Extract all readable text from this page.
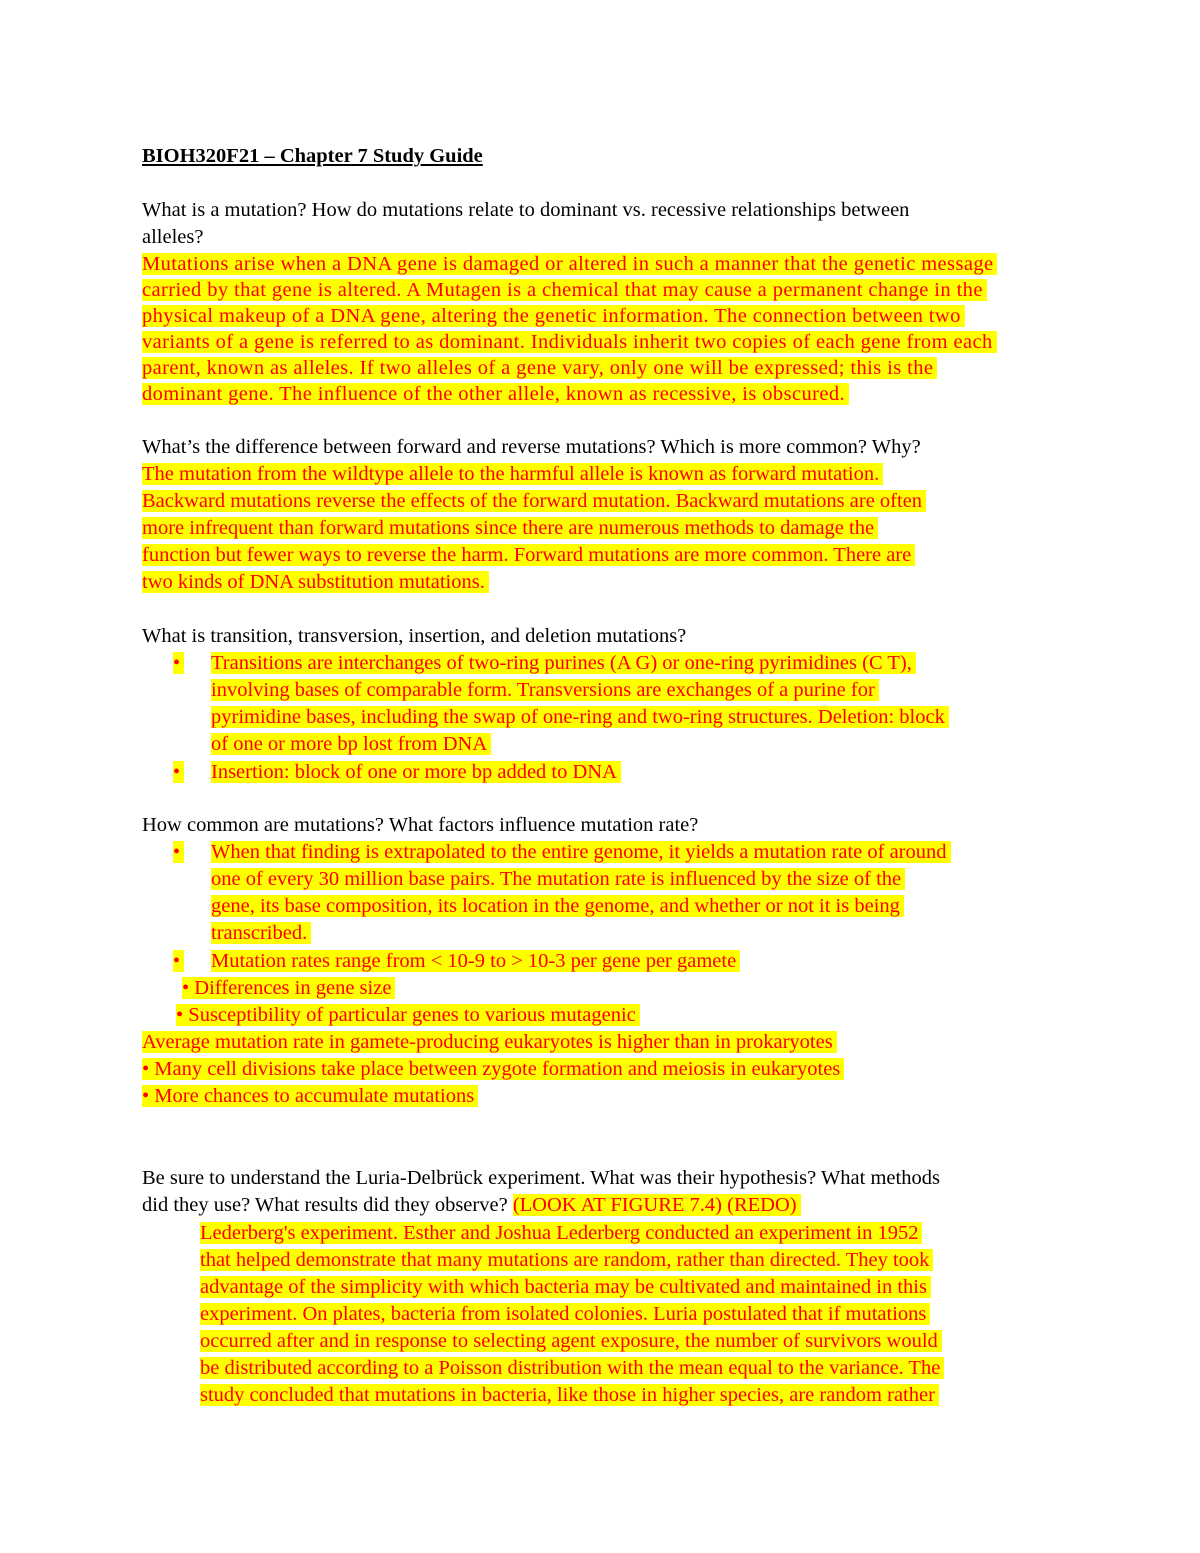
BIOH320F21 – Chapter 7 Study Guide
What is a mutation? How do mutations relate to dominant vs. recessive relationships between
alleles?
Mutations arise when a DNA gene is damaged or altered in such a manner that the genetic message
carried by that gene is altered. A Mutagen is a chemical that may cause a permanent change in the
physical makeup of a DNA gene, altering the genetic information. The connection between two
variants of a gene is referred to as dominant. Individuals inherit two copies of each gene from each
parent, known as alleles. If two alleles of a gene vary, only one will be expressed; this is the
dominant gene. The influence of the other allele, known as recessive, is obscured.
What’s the difference between forward and reverse mutations? Which is more common? Why?
The mutation from the wildtype allele to the harmful allele is known as forward mutation.
Backward mutations reverse the effects of the forward mutation. Backward mutations are often
more infrequent than forward mutations since there are numerous methods to damage the
function but fewer ways to reverse the harm. Forward mutations are more common. There are
two kinds of DNA substitution mutations.
What is transition, transversion, insertion, and deletion mutations?
• Transitions are interchanges of two-ring purines (A G) or one-ring pyrimidines (C T),
involving bases of comparable form. Transversions are exchanges of a purine for
pyrimidine bases, including the swap of one-ring and two-ring structures. Deletion: block
of one or more bp lost from DNA
• Insertion: block of one or more bp added to DNA
How common are mutations? What factors influence mutation rate?
• When that finding is extrapolated to the entire genome, it yields a mutation rate of around
one of every 30 million base pairs. The mutation rate is influenced by the size of the
gene, its base composition, its location in the genome, and whether or not it is being
transcribed.
• Mutation rates range from < 10-9 to > 10-3 per gene per gamete
• Differences in gene size
• Susceptibility of particular genes to various mutagenic
Average mutation rate in gamete-producing eukaryotes is higher than in prokaryotes
• Many cell divisions take place between zygote formation and meiosis in eukaryotes
• More chances to accumulate mutations
Be sure to understand the Luria-Delbrück experiment. What was their hypothesis? What methods
did they use? What results did they observe? (LOOK AT FIGURE 7.4) (REDO)
Lederberg's experiment. Esther and Joshua Lederberg conducted an experiment in 1952
that helped demonstrate that many mutations are random, rather than directed. They took
advantage of the simplicity with which bacteria may be cultivated and maintained in this
experiment. On plates, bacteria from isolated colonies. Luria postulated that if mutations
occurred after and in response to selecting agent exposure, the number of survivors would
be distributed according to a Poisson distribution with the mean equal to the variance. The
study concluded that mutations in bacteria, like those in higher species, are random rather
